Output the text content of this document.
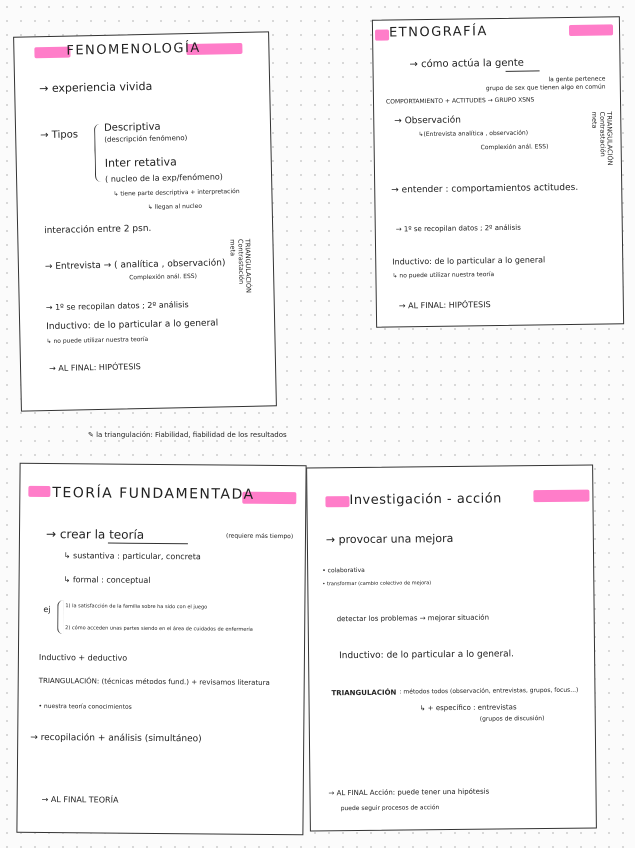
FENOMENOLOGÍA
→ experiencia vivida
→ Tipos
Descriptiva
(descripción fenómeno)
Inter retativa
( nucleo de la exp/fenómeno)
↳ tiene parte descriptiva + interpretación
↳ llegan al nucleo
interacción entre 2 psn.
→ Entrevista → ( analítica , observación)
Complexión anál. ESS)	TRIANGULACIÓN
Contrastación
meta
→ 1º se recopilan datos ; 2º análisis
Inductivo: de lo particular a lo general
↳ no puede utilizar nuestra teoría
→ AL FINAL: HIPÓTESIS
ETNOGRAFÍA
→ cómo actúa la gente
la gente pertenece
grupo de sex que tienen algo en común
COMPORTAMIENTO + ACTITUDES → GRUPO XSNS
→ Observación
↳(Entrevista analítica , observación)
Complexión anál. ESS)	TRIANGULACIÓN
Contrastación
meta
→ entender : comportamientos actitudes.
→ 1º se recopilan datos ; 2º análisis
Inductivo: de lo particular a lo general
↳ no puede utilizar nuestra teoría
→ AL FINAL: HIPÓTESIS
✎ la triangulación: Fiabilidad, fiabilidad de los resultados
TEORÍA FUNDAMENTADA
→ crear la teoría	(requiere más tiempo)
↳ sustantiva : particular, concreta
↳ formal : conceptual
ej	1) la satisfacción de la familia sobre ha sido con el juego
2) cómo acceden unas partes siendo en el área de cuidados de enfermería
Inductivo + deductivo
TRIANGULACIÓN: (técnicas métodos fund.) + revisamos literatura
• nuestra teoría conocimientos
→ recopilación + análisis (simultáneo)
→ AL FINAL TEORÍA
Investigación - acción
→ provocar una mejora
• colaborativa
• transformar (cambio colectivo de mejora)
detectar los problemas → mejorar situación
Inductivo: de lo particular a lo general.
TRIANGULACIÓN : métodos todos (observación, entrevistas, grupos, focus...)
↳ + específico : entrevistas
(grupos de discusión)
→ AL FINAL Acción: puede tener una hipótesis
puede seguir procesos de acción
